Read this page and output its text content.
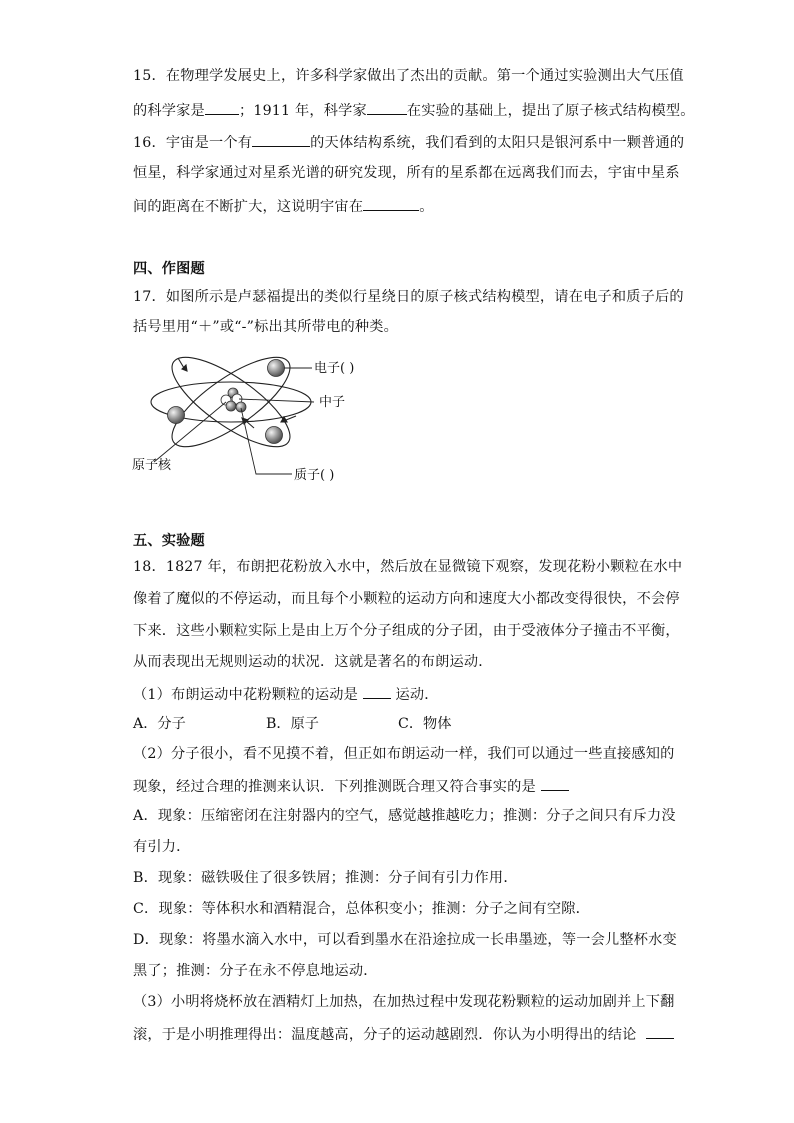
15．在物理学发展史上，许多科学家做出了杰出的贡献。第一个通过实验测出大气压值
的科学家是 ；1911 年，科学家	在实验的基础上，提出了原子核式结构模型。
16．宇宙是一个有	的天体结构系统，我们看到的太阳只是银河系中一颗普通的
恒星，科学家通过对星系光谱的研究发现，所有的星系都在远离我们而去，宇宙中星系
间的距离在不断扩大，这说明宇宙在	。
四、作图题
17．如图所示是卢瑟福提出的类似行星绕日的原子核式结构模型，请在电子和质子后的
括号里用“＋”或“-”标出其所带电的种类。
电子( )
中子
原子核
质子( )
五、实验题
18．1827 年，布朗把花粉放入水中，然后放在显微镜下观察，发现花粉小颗粒在水中
像着了魔似的不停运动，而且每个小颗粒的运动方向和速度大小都改变得很快，不会停
下来．这些小颗粒实际上是由上万个分子组成的分子团，由于受液体分子撞击不平衡，
从而表现出无规则运动的状况．这就是著名的布朗运动．
（1）布朗运动中花粉颗粒的运动是	运动．
A．分子	B．原子	C．物体
（2）分子很小，看不见摸不着，但正如布朗运动一样，我们可以通过一些直接感知的
现象，经过合理的推测来认识．下列推测既合理又符合事实的是
A．现象：压缩密闭在注射器内的空气，感觉越推越吃力；推测：分子之间只有斥力没
有引力．
B．现象：磁铁吸住了很多铁屑；推测：分子间有引力作用．
C．现象：等体积水和酒精混合，总体积变小；推测：分子之间有空隙．
D．现象：将墨水滴入水中，可以看到墨水在沿途拉成一长串墨迹，等一会儿整杯水变
黑了；推测：分子在永不停息地运动．
（3）小明将烧杯放在酒精灯上加热，在加热过程中发现花粉颗粒的运动加剧并上下翻
滚，于是小明推理得出：温度越高，分子的运动越剧烈．你认为小明得出的结论
